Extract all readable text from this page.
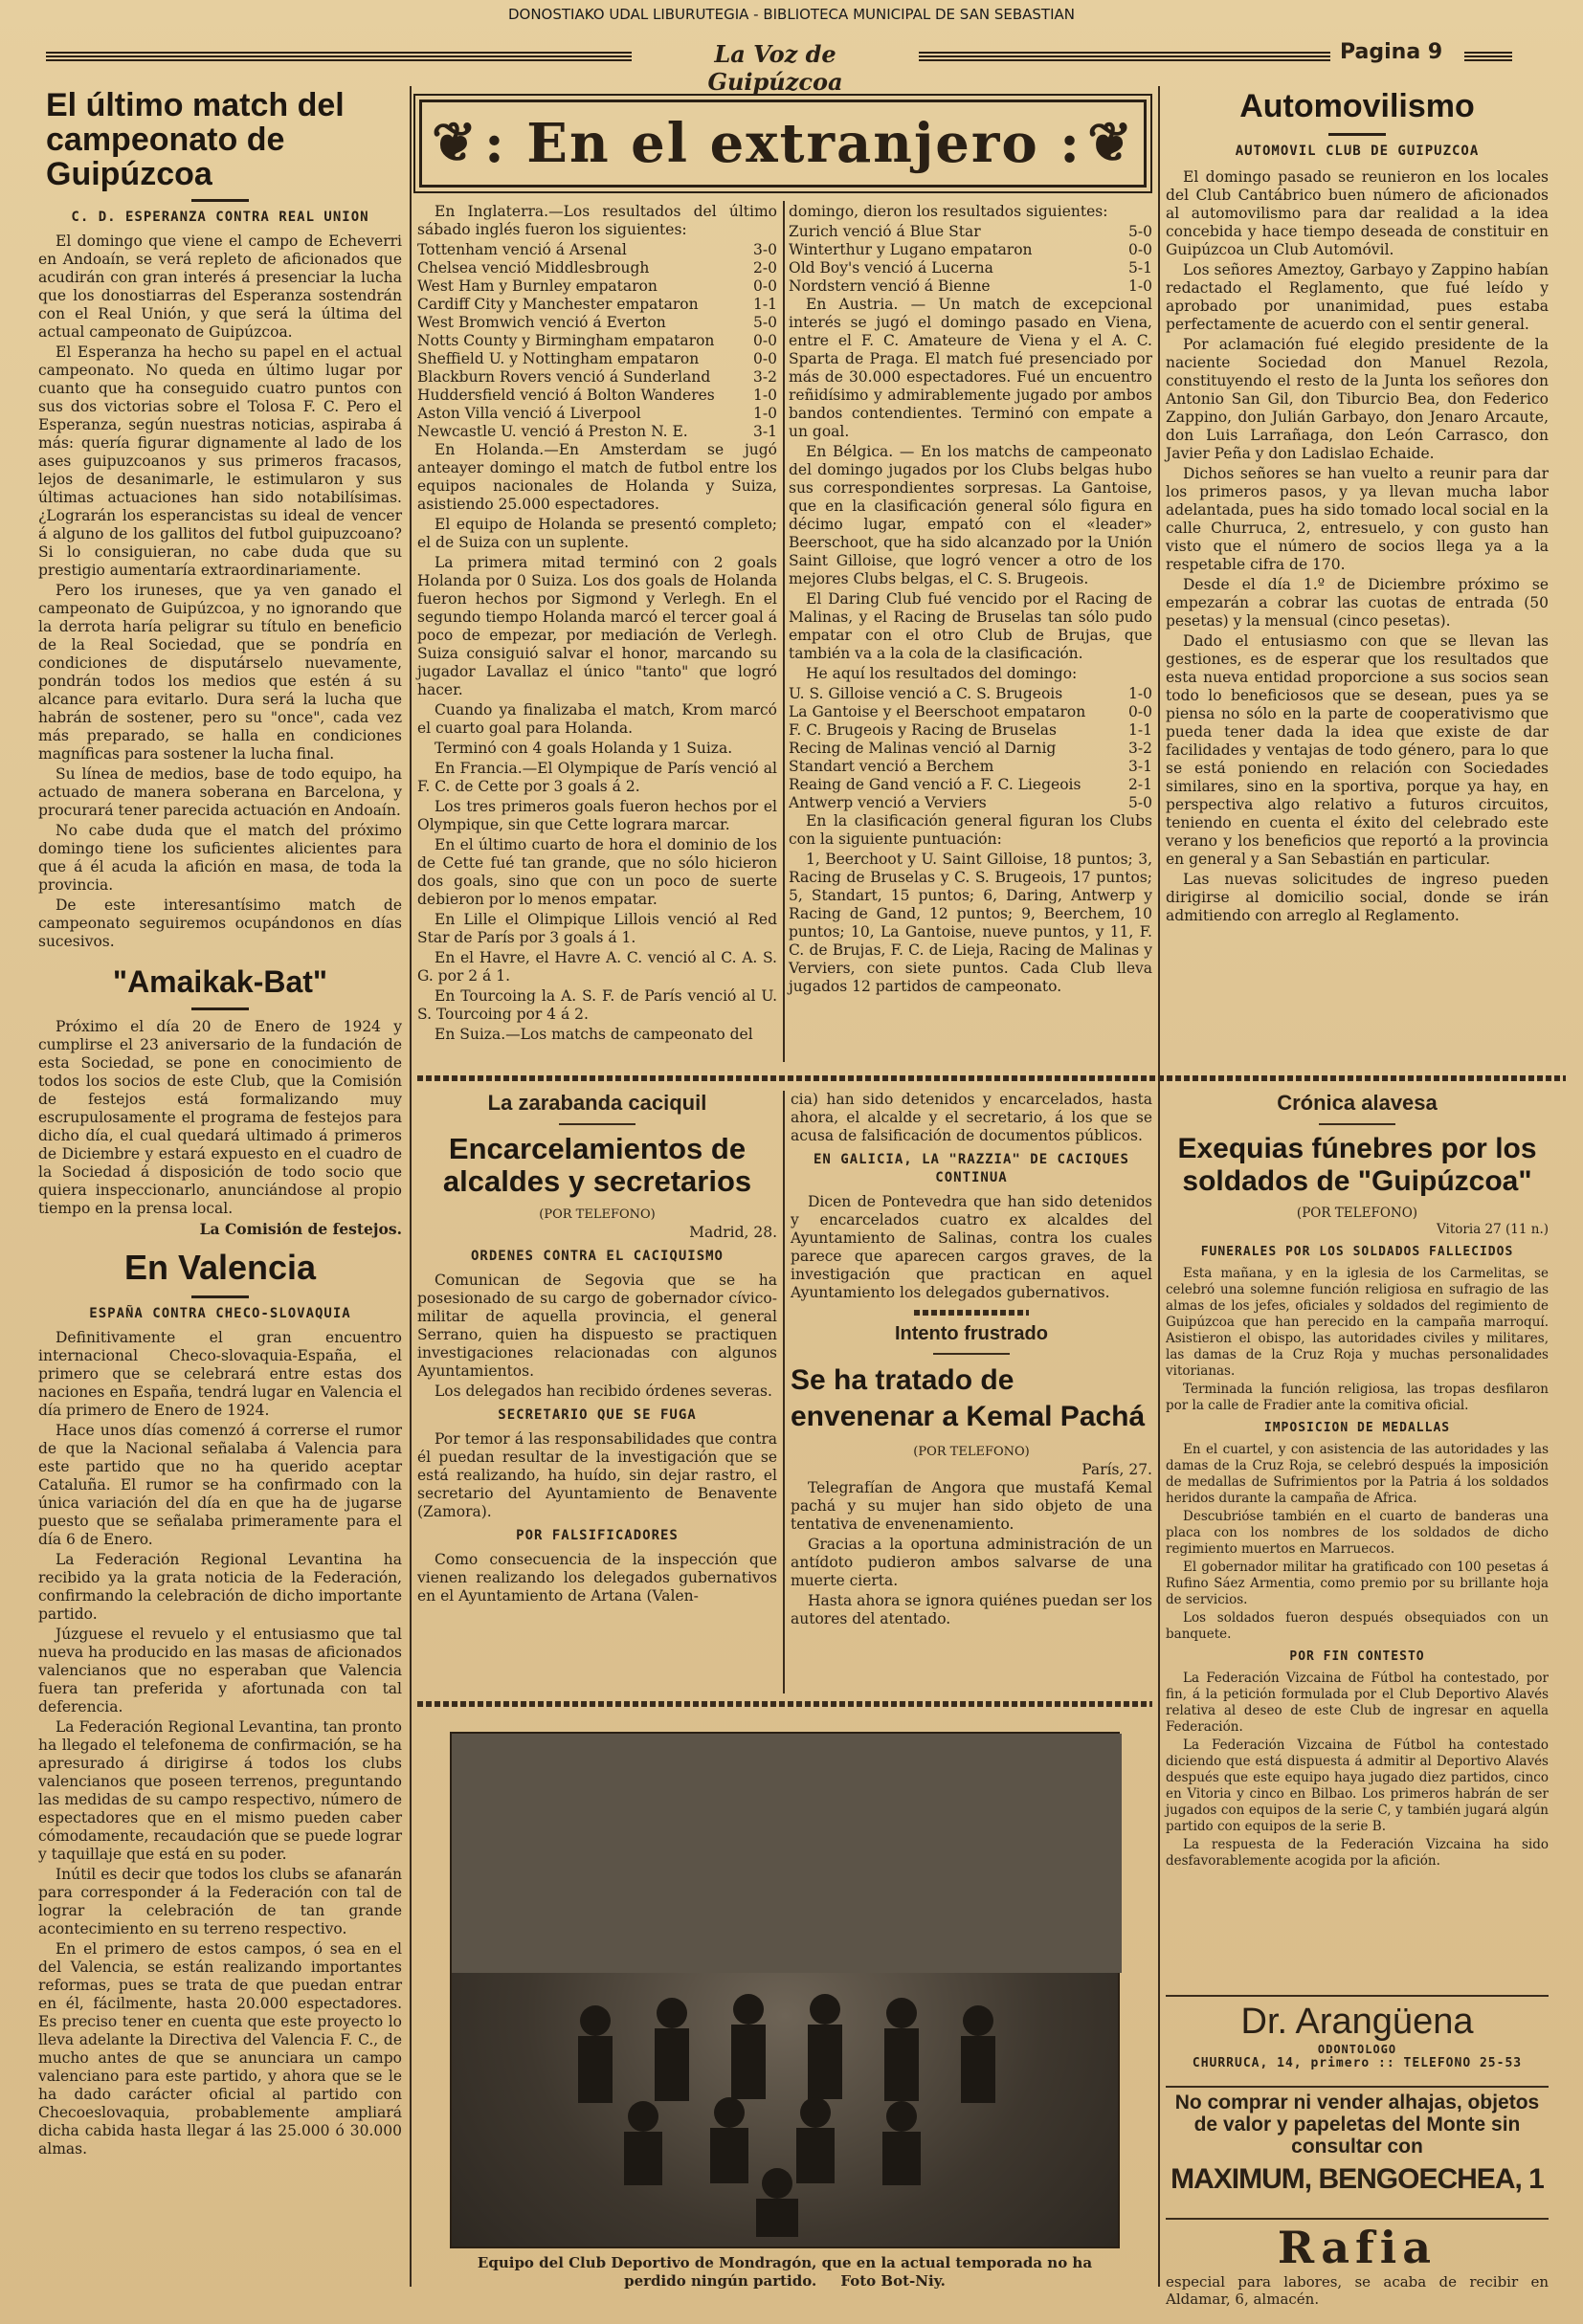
DONOSTIAKO UDAL LIBURUTEGIA - BIBLIOTECA MUNICIPAL DE SAN SEBASTIAN
La Voz de Guipúzcoa
Pagina 9
El último match del campeonato de Guipúzcoa
C. D. ESPERANZA CONTRA REAL UNION

El domingo que viene el campo de Echeverri en Andoaín, se verá repleto de aficionados que acudirán con gran interés á presenciar la lucha que los donostiarras del Esperanza sostendrán con el Real Unión, y que será la última del actual campeonato de Guipúzcoa.

El Esperanza ha hecho su papel en el actual campeonato. No queda en último lugar por cuanto que ha conseguido cuatro puntos con sus dos victorias sobre el Tolosa F. C. Pero el Esperanza, según nuestras noticias, aspiraba á más: quería figurar dignamente al lado de los ases guipuzcoanos y sus primeros fracasos, lejos de desanimarle, le estimularon y sus últimas actuaciones han sido notabilísimas. ¿Lograrán los esperancistas su ideal de vencer á alguno de los gallitos del futbol guipuzcoano? Si lo consiguieran, no cabe duda que su prestigio aumentaría extraordinariamente.

Pero los iruneses, que ya ven ganado el campeonato de Guipúzcoa, y no ignorando que la derrota haría peligrar su título en beneficio de la Real Sociedad, que se pondría en condiciones de disputárselo nuevamente, pondrán todos los medios que estén á su alcance para evitarlo. Dura será la lucha que habrán de sostener, pero su "once", cada vez más preparado, se halla en condiciones magníficas para sostener la lucha final.

Su línea de medios, base de todo equipo, ha actuado de manera soberana en Barcelona, y procurará tener parecida actuación en Andoaín.

No cabe duda que el match del próximo domingo tiene los suficientes alicientes para que á él acuda la afición en masa, de toda la provincia.

De este interesantísimo match de campeonato seguiremos ocupándonos en días sucesivos.

"Amaikak-Bat"

Próximo el día 20 de Enero de 1924 y cumplirse el 23 aniversario de la fundación de esta Sociedad, se pone en conocimiento de todos los socios de este Club, que la Comisión de festejos está formalizando muy escrupulosamente el programa de festejos para dicho día, el cual quedará ultimado á primeros de Diciembre y estará expuesto en el cuadro de la Sociedad á disposición de todo socio que quiera inspeccionarlo, anunciándose al propio tiempo en la prensa local.

La Comisión de festejos.
En Valencia
ESPAÑA CONTRA CHECO-SLOVAQUIA

Definitivamente el gran encuentro internacional Checo-slovaquia-España, el primero que se celebrará entre estas dos naciones en España, tendrá lugar en Valencia el día primero de Enero de 1924.

Hace unos días comenzó á correrse el rumor de que la Nacional señalaba á Valencia para este partido que no ha querido aceptar Cataluña. El rumor se ha confirmado con la única variación del día en que ha de jugarse puesto que se señalaba primeramente para el día 6 de Enero.

La Federación Regional Levantina ha recibido ya la grata noticia de la Federación, confirmando la celebración de dicho importante partido.

Júzguese el revuelo y el entusiasmo que tal nueva ha producido en las masas de aficionados valencianos que no esperaban que Valencia fuera tan preferida y afortunada con tal deferencia.

La Federación Regional Levantina, tan pronto ha llegado el telefonema de confirmación, se ha apresurado á dirigirse á todos los clubs valencianos que poseen terrenos, preguntando las medidas de su campo respectivo, número de espectadores que en el mismo pueden caber cómodamente, recaudación que se puede lograr y taquillaje que está en su poder.

Inútil es decir que todos los clubs se afanarán para corresponder á la Federación con tal de lograr la celebración de tan grande acontecimiento en su terreno respectivo.

En el primero de estos campos, ó sea en el del Valencia, se están realizando importantes reformas, pues se trata de que puedan entrar en él, fácilmente, hasta 20.000 espectadores. Es preciso tener en cuenta que este proyecto lo lleva adelante la Directiva del Valencia F. C., de mucho antes de que se anunciara un campo valenciano para este partido, y ahora que se le ha dado carácter oficial al partido con Checoeslovaquia, probablemente ampliará dicha cabida hasta llegar á las 25.000 ó 30.000 almas.

❦ : En el extranjero : ❦

En Inglaterra.—Los resultados del último sábado inglés fueron los siguientes:

Tottenham venció á Arsenal	3-0
Chelsea venció Middlesbrough	2-0
West Ham y Burnley empataron	0-0
Cardiff City y Manchester empataron	1-1
West Bromwich venció á Everton	5-0
Notts County y Birmingham empataron	0-0
Sheffield U. y Nottingham empataron	0-0
Blackburn Rovers venció á Sunderland	3-2
Huddersfield venció á Bolton Wanderes	1-0
Aston Villa venció á Liverpool	1-0
Newcastle U. venció á Preston N. E.	3-1

En Holanda.—En Amsterdam se jugó anteayer domingo el match de futbol entre los equipos nacionales de Holanda y Suiza, asistiendo 25.000 espectadores.

El equipo de Holanda se presentó completo; el de Suiza con un suplente.

La primera mitad terminó con 2 goals Holanda por 0 Suiza. Los dos goals de Holanda fueron hechos por Sigmond y Verlegh. En el segundo tiempo Holanda marcó el tercer goal á poco de empezar, por mediación de Verlegh. Suiza consiguió salvar el honor, marcando su jugador Lavallaz el único "tanto" que logró hacer.

Cuando ya finalizaba el match, Krom marcó el cuarto goal para Holanda.

Terminó con 4 goals Holanda y 1 Suiza.

En Francia.—El Olympique de París venció al F. C. de Cette por 3 goals á 2.

Los tres primeros goals fueron hechos por el Olympique, sin que Cette lograra marcar.

En el último cuarto de hora el dominio de los de Cette fué tan grande, que no sólo hicieron dos goals, sino que con un poco de suerte debieron por lo menos empatar.

En Lille el Olimpique Lillois venció al Red Star de París por 3 goals á 1.

En el Havre, el Havre A. C. venció al C. A. S. G. por 2 á 1.

En Tourcoing la A. S. F. de París venció al U. S. Tourcoing por 4 á 2.

En Suiza.—Los matchs de campeonato del

domingo, dieron los resultados siguientes:

Zurich venció á Blue Star	5-0
Winterthur y Lugano empataron	0-0
Old Boy's venció á Lucerna	5-1
Nordstern venció á Bienne	1-0

En Austria. — Un match de excepcional interés se jugó el domingo pasado en Viena, entre el F. C. Amateure de Viena y el A. C. Sparta de Praga. El match fué presenciado por más de 30.000 espectadores. Fué un encuentro reñidísimo y admirablemente jugado por ambos bandos contendientes. Terminó con empate a un goal.

En Bélgica. — En los matchs de campeonato del domingo jugados por los Clubs belgas hubo sus correspondientes sorpresas. La Gantoise, que en la clasificación general sólo figura en décimo lugar, empató con el «leader» Beerschoot, que ha sido alcanzado por la Unión Saint Gilloise, que logró vencer a otro de los mejores Clubs belgas, el C. S. Brugeois.

El Daring Club fué vencido por el Racing de Malinas, y el Racing de Bruselas tan sólo pudo empatar con el otro Club de Brujas, que también va a la cola de la clasificación.

He aquí los resultados del domingo:

U. S. Gilloise venció a C. S. Brugeois	1-0
La Gantoise y el Beerschoot empataron	0-0
F. C. Brugeois y Racing de Bruselas	1-1
Recing de Malinas venció al Darnig	3-2
Standart venció a Berchem	3-1
Reaing de Gand venció a F. C. Liegeois	2-1
Antwerp venció a Verviers	5-0

En la clasificación general figuran los Clubs con la siguiente puntuación:

1, Beerchoot y U. Saint Gilloise, 18 puntos; 3, Racing de Bruselas y C. S. Brugeois, 17 puntos; 5, Standart, 15 puntos; 6, Daring, Antwerp y Racing de Gand, 12 puntos; 9, Beerchem, 10 puntos; 10, La Gantoise, nueve puntos, y 11, F. C. de Brujas, F. C. de Lieja, Racing de Malinas y Verviers, con siete puntos. Cada Club lleva jugados 12 partidos de campeonato.

Automovilismo
AUTOMOVIL CLUB DE GUIPUZCOA

El domingo pasado se reunieron en los locales del Club Cantábrico buen número de aficionados al automovilismo para dar realidad a la idea concebida y hace tiempo deseada de constituir en Guipúzcoa un Club Automóvil.

Los señores Ameztoy, Garbayo y Zappino habían redactado el Reglamento, que fué leído y aprobado por unanimidad, pues estaba perfectamente de acuerdo con el sentir general.

Por aclamación fué elegido presidente de la naciente Sociedad don Manuel Rezola, constituyendo el resto de la Junta los señores don Antonio San Gil, don Tiburcio Bea, don Federico Zappino, don Julián Garbayo, don Jenaro Arcaute, don Luis Larrañaga, don León Carrasco, don Javier Peña y don Ladislao Echaide.

Dichos señores se han vuelto a reunir para dar los primeros pasos, y ya llevan mucha labor adelantada, pues ha sido tomado local social en la calle Churruca, 2, entresuelo, y con gusto han visto que el número de socios llega ya a la respetable cifra de 170.

Desde el día 1.º de Diciembre próximo se empezarán a cobrar las cuotas de entrada (50 pesetas) y la mensual (cinco pesetas).

Dado el entusiasmo con que se llevan las gestiones, es de esperar que los resultados que esta nueva entidad proporcione a sus socios sean todo lo beneficiosos que se desean, pues ya se piensa no sólo en la parte de cooperativismo que pueda tener dada la idea que existe de dar facilidades y ventajas de todo género, para lo que se está poniendo en relación con Sociedades similares, sino en la sportiva, porque ya hay, en perspectiva algo relativo a futuros circuitos, teniendo en cuenta el éxito del celebrado este verano y los beneficios que reportó a la provincia en general y a San Sebastián en particular.

Las nuevas solicitudes de ingreso pueden dirigirse al domicilio social, donde se irán admitiendo con arreglo al Reglamento.

La zarabanda caciquil
Encarcelamientos de alcaldes y secretarios
(POR TELEFONO)
Madrid, 28.
ORDENES CONTRA EL CACIQUISMO

Comunican de Segovia que se ha posesionado de su cargo de gobernador cívico-militar de aquella provincia, el general Serrano, quien ha dispuesto se practiquen investigaciones relacionadas con algunos Ayuntamientos.

Los delegados han recibido órdenes severas.

SECRETARIO QUE SE FUGA

Por temor á las responsabilidades que contra él puedan resultar de la investigación que se está realizando, ha huído, sin dejar rastro, el secretario del Ayuntamiento de Benavente (Zamora).

POR FALSIFICADORES

Como consecuencia de la inspección que vienen realizando los delegados gubernativos en el Ayuntamiento de Artana (Valen-

cia) han sido detenidos y encarcelados, hasta ahora, el alcalde y el secretario, á los que se acusa de falsificación de documentos públicos.

EN GALICIA, LA "RAZZIA" DE CACIQUES CONTINUA

Dicen de Pontevedra que han sido detenidos y encarcelados cuatro ex alcaldes del Ayuntamiento de Salinas, contra los cuales parece que aparecen cargos graves, de la investigación que practican en aquel Ayuntamiento los delegados gubernativos.

Intento frustrado
Se ha tratado de envenenar a Kemal Pachá
(POR TELEFONO)
París, 27.

Telegrafían de Angora que mustafá Kemal pachá y su mujer han sido objeto de una tentativa de envenenamiento.

Gracias a la oportuna administración de un antídoto pudieron ambos salvarse de una muerte cierta.

Hasta ahora se ignora quiénes puedan ser los autores del atentado.

Equipo del Club Deportivo de Mondragón, que en la actual temporada no ha perdido ningún partido. Foto Bot-Niy.
Crónica alavesa
Exequias fúnebres por los soldados de "Guipúzcoa"
(POR TELEFONO)
Vitoria 27 (11 n.)
FUNERALES POR LOS SOLDADOS FALLECIDOS

Esta mañana, y en la iglesia de los Carmelitas, se celebró una solemne función religiosa en sufragio de las almas de los jefes, oficiales y soldados del regimiento de Guipúzcoa que han perecido en la campaña marroquí. Asistieron el obispo, las autoridades civiles y militares, las damas de la Cruz Roja y muchas personalidades vitorianas.

Terminada la función religiosa, las tropas desfilaron por la calle de Fradier ante la comitiva oficial.

IMPOSICION DE MEDALLAS

En el cuartel, y con asistencia de las autoridades y las damas de la Cruz Roja, se celebró después la imposición de medallas de Sufrimientos por la Patria á los soldados heridos durante la campaña de Africa.

Descubrióse también en el cuarto de banderas una placa con los nombres de los soldados de dicho regimiento muertos en Marruecos.

El gobernador militar ha gratificado con 100 pesetas á Rufino Sáez Armentia, como premio por su brillante hoja de servicios.

Los soldados fueron después obsequiados con un banquete.

POR FIN CONTESTO

La Federación Vizcaina de Fútbol ha contestado, por fin, á la petición formulada por el Club Deportivo Alavés relativa al deseo de este Club de ingresar en aquella Federación.

La Federación Vizcaina de Fútbol ha contestado diciendo que está dispuesta á admitir al Deportivo Alavés después que este equipo haya jugado diez partidos, cinco en Vitoria y cinco en Bilbao. Los primeros habrán de ser jugados con equipos de la serie C, y también jugará algún partido con equipos de la serie B.

La respuesta de la Federación Vizcaina ha sido desfavorablemente acogida por la afición.

Dr. Arangüena
ODONTOLOGO
CHURRUCA, 14, primero :: TELEFONO 25-53
No comprar ni vender alhajas, objetos de valor y papeletas del Monte sin consultar con
MAXIMUM, BENGOECHEA, 1
Rafia
especial para labores, se acaba de recibir en Aldamar, 6, almacén.
